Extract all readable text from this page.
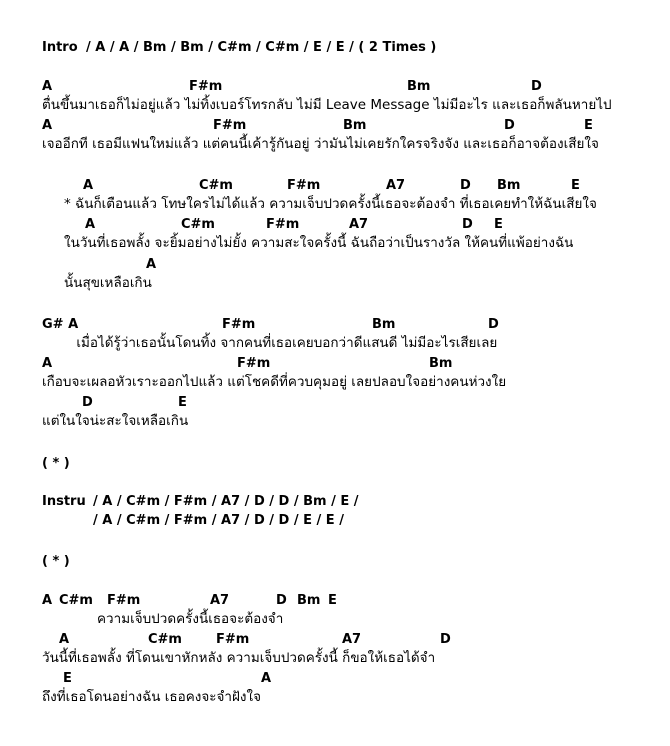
Intro / A / A / Bm / Bm / C#m / C#m / E / E / ( 2 Times )
ตื่นขึ้นมาเธอก็ไม่อยู่แล้ว ไม่ทิ้งเบอร์โทรกลับ ไม่มี Leave Message ไม่มีอะไร และเธอก็พลันหายไป
เจออีกที เธอมีแฟนใหม่แล้ว แต่คนนี้เค้ารู้กันอยู่ ว่ามันไม่เคยรักใครจริงจัง และเธอก็อาจต้องเสียใจ
* ฉันก็เตือนแล้ว โทษใครไม่ได้แล้ว ความเจ็บปวดครั้งนี้เธอจะต้องจำ ที่เธอเคยทำให้ฉันเสียใจ
ในวันที่เธอพลั้ง จะยิ้มอย่างไม่ยั้ง ความสะใจครั้งนี้ ฉันถือว่าเป็นรางวัล ให้คนที่แพ้อย่างฉัน
นั้นสุขเหลือเกิน
เมื่อได้รู้ว่าเธอนั้นโดนทิ้ง จากคนที่เธอเคยบอกว่าดีแสนดี ไม่มีอะไรเสียเลย
เกือบจะเผลอหัวเราะออกไปแล้ว แต่โชคดีที่ควบคุมอยู่ เลยปลอบใจอย่างคนห่วงใย
แต่ในใจน่ะสะใจเหลือเกิน
( * )
Instru / A / C#m / F#m / A7 / D / D / Bm / E /
/ A / C#m / F#m / A7 / D / D / E / E /
( * )
ความเจ็บปวดครั้งนี้เธอจะต้องจำ
วันนี้ที่เธอพลั้ง ที่โดนเขาหักหลัง ความเจ็บปวดครั้งนี้ ก็ขอให้เธอได้จำ
ถึงที่เธอโดนอย่างฉัน เธอคงจะจำฝังใจ
A	F#m	Bm	D
A	F#m	Bm	D	E
A	C#m	F#m	A7	D Bm	E
A	C#m	F#m	A7	D E
A
G# A	F#m	Bm	D
A	F#m	Bm
D	E
A C#m F#m	A7	D Bm E
A	C#m	F#m	A7	D
E	A
